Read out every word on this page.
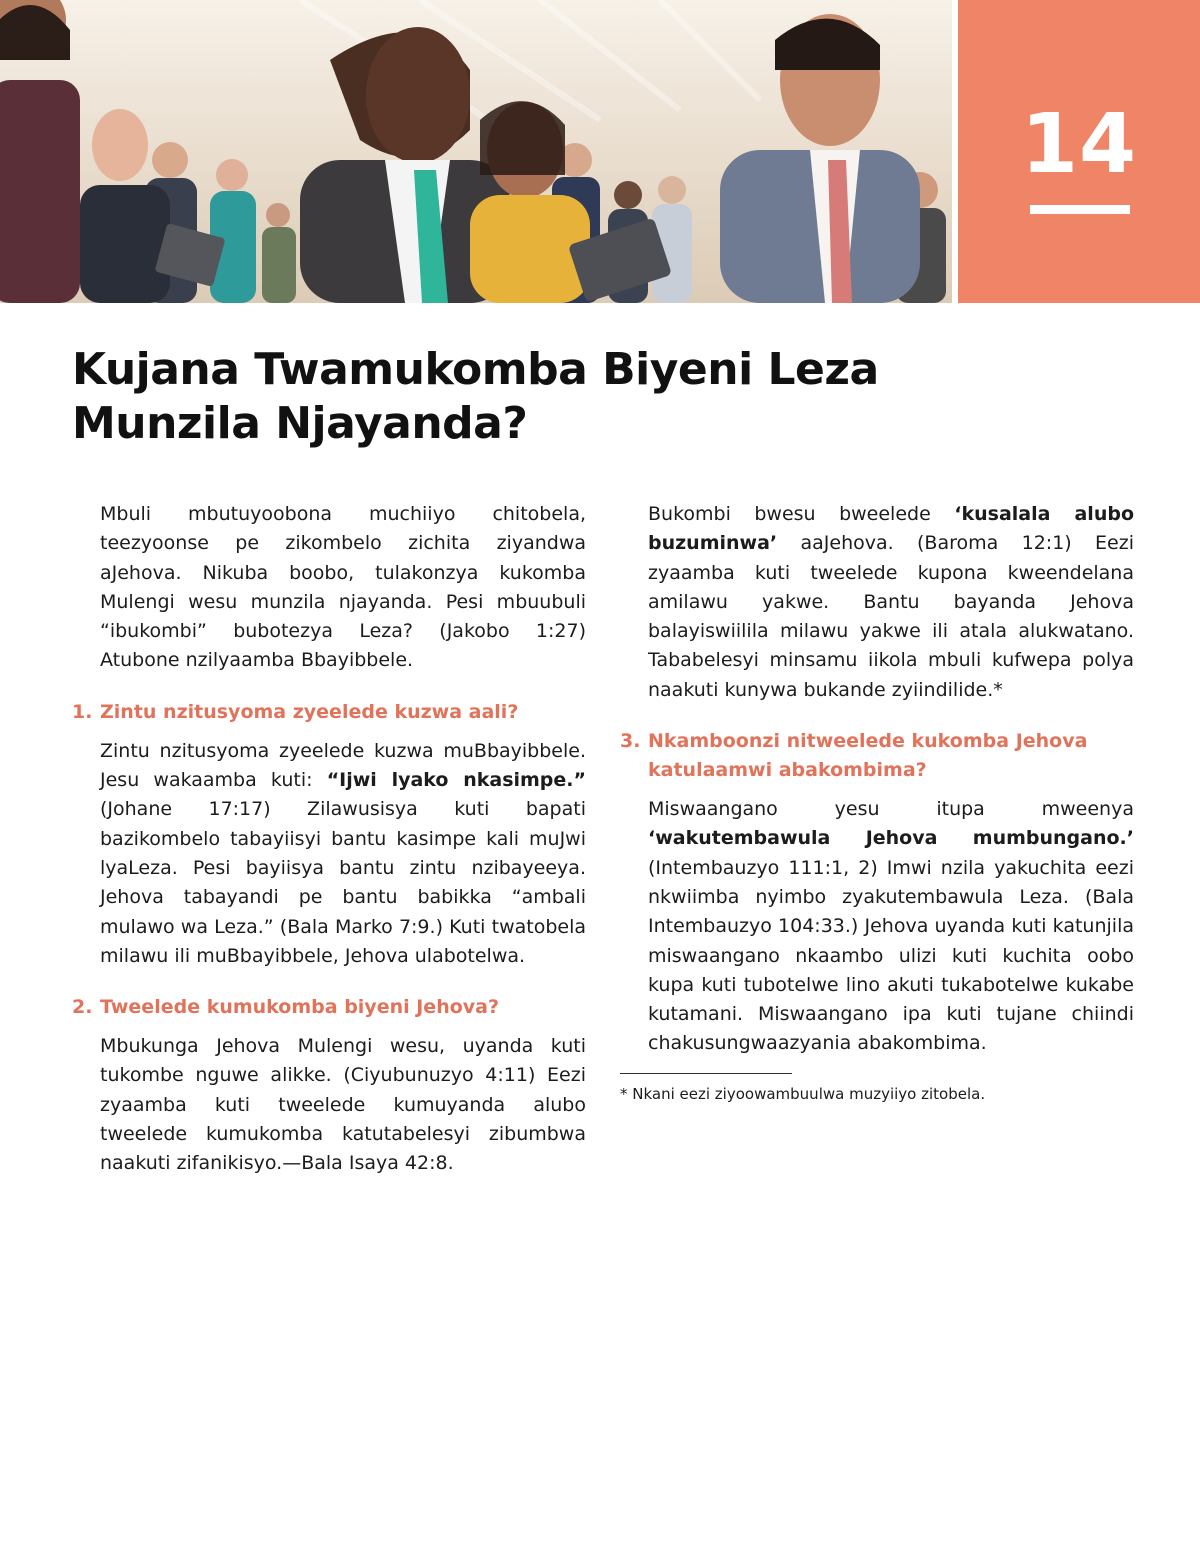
14
Kujana Twamukomba Biyeni Leza
Munzila Njayanda?

Mbuli mbutuyoobona muchiiyo chitobela, teezyoonse pe zikombelo zichita ziyandwa aJehova. Nikuba boobo, tulakonzya kukomba Mulengi wesu munzila njayanda. Pesi mbuubuli “ibukombi” bubotezya Leza? (Jakobo 1:27) Atubone nzilyaamba Bbayibbele.

1. Zintu nzitusyoma zyeelede kuzwa aali?

Zintu nzitusyoma zyeelede kuzwa muBbayibbele. Jesu wakaamba kuti: “Ijwi lyako nkasimpe.” (Johane 17:17) Zilawusisya kuti bapati bazikombelo tabayiisyi bantu kasimpe kali muJwi lyaLeza. Pesi bayiisya bantu zintu nzibayeeya. Jehova tabayandi pe bantu babikka “ambali mulawo wa Leza.” (Bala Marko 7:9.) Kuti twatobela milawu ili muBbayibbele, Jehova ulabotelwa.

2. Tweelede kumukomba biyeni Jehova?

Mbukunga Jehova Mulengi wesu, uyanda kuti tukombe nguwe alikke. (Ciyubunuzyo 4:11) Eezi zyaamba kuti tweelede kumuyanda alubo tweelede kumukomba katutabelesyi zibumbwa naakuti zifanikisyo.—Bala Isaya 42:8.

Bukombi bwesu bweelede ‘kusalala alubo buzuminwa’ aaJehova. (Baroma 12:1) Eezi zyaamba kuti tweelede kupona kweendelana amilawu yakwe. Bantu bayanda Jehova balayiswiilila milawu yakwe ili atala alukwatano. Tababelesyi minsamu iikola mbuli kufwepa polya naakuti kunywa bukande zyiindilide.*

3. Nkamboonzi nitweelede kukomba Jehova katulaamwi abakombima?

Miswaangano yesu itupa mweenya ‘wakutembawula Jehova mumbungano.’ (Intembauzyo 111:1, 2) Imwi nzila yakuchita eezi nkwiimba nyimbo zyakutembawula Leza. (Bala Intembauzyo 104:33.) Jehova uyanda kuti katunjila miswaangano nkaambo ulizi kuti kuchita oobo kupa kuti tubotelwe lino akuti tukabotelwe kukabe kutamani. Miswaangano ipa kuti tujane chiindi chakusungwaazyania abakombima.

* Nkani eezi ziyoowambuulwa muzyiiyo zitobela.
